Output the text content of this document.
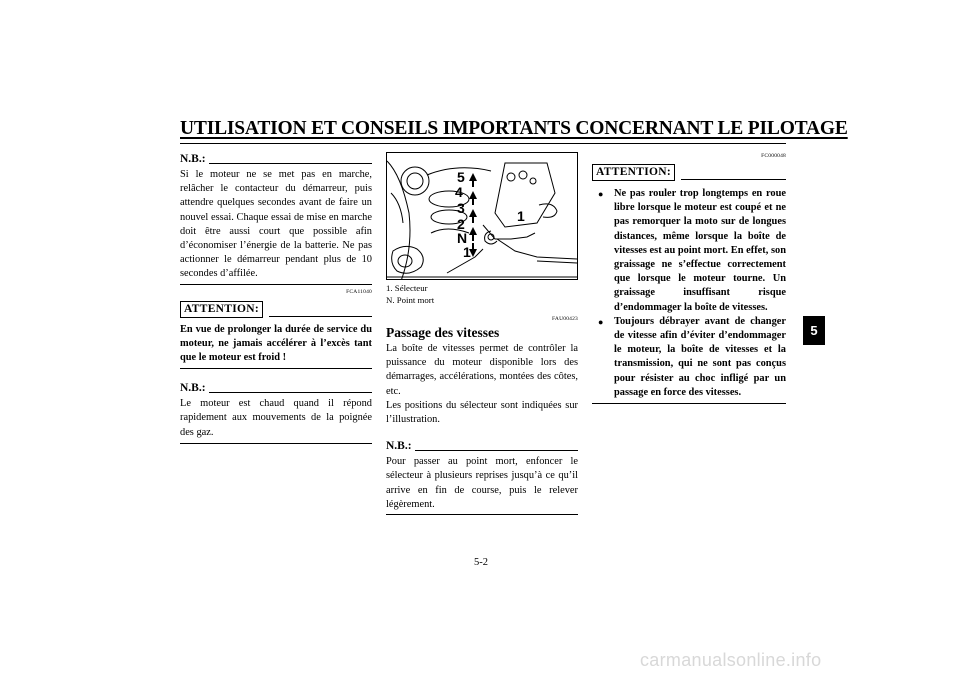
UTILISATION ET CONSEILS IMPORTANTS CONCERNANT LE PILOTAGE
5
N.B.:

Si le moteur ne se met pas en marche, relâcher le contacteur du démarreur, puis attendre quelques secondes avant de faire un nouvel essai. Chaque essai de mise en marche doit être aussi court que possible afin d’économiser l’énergie de la batterie. Ne pas actionner le démarreur pendant plus de 10 secondes d’affilée.

FCA11040
ATTENTION:

En vue de prolonger la durée de service du moteur, ne jamais accélérer à l’excès tant que le moteur est froid !

N.B.:

Le moteur est chaud quand il répond rapidement aux mouvements de la poignée des gaz.

5
4
3
2
N
1
1
1. Sélecteur
N. Point mort
FAU00423
Passage des vitesses

La boîte de vitesses permet de contrôler la puissance du moteur disponible lors des démarrages, accélérations, montées des côtes, etc.

Les positions du sélecteur sont indiquées sur l’illustration.

N.B.:

Pour passer au point mort, enfoncer le sélecteur à plusieurs reprises jusqu’à ce qu’il arrive en fin de course, puis le relever légèrement.

FC000048
ATTENTION:
●	Ne pas rouler trop longtemps en roue libre lorsque le moteur est coupé et ne pas remorquer la moto sur de longues distances, même lorsque la boîte de vitesses est au point mort. En effet, son graissage ne s’effectue correctement que lorsque le moteur tourne. Un graissage insuffisant risque d’endommager la boîte de vitesses.
●	Toujours débrayer avant de changer de vitesse afin d’éviter d’endommager le moteur, la boîte de vitesses et la transmission, qui ne sont pas conçus pour résister au choc infligé par un passage en force des vitesses.
5-2
carmanualsonline.info
